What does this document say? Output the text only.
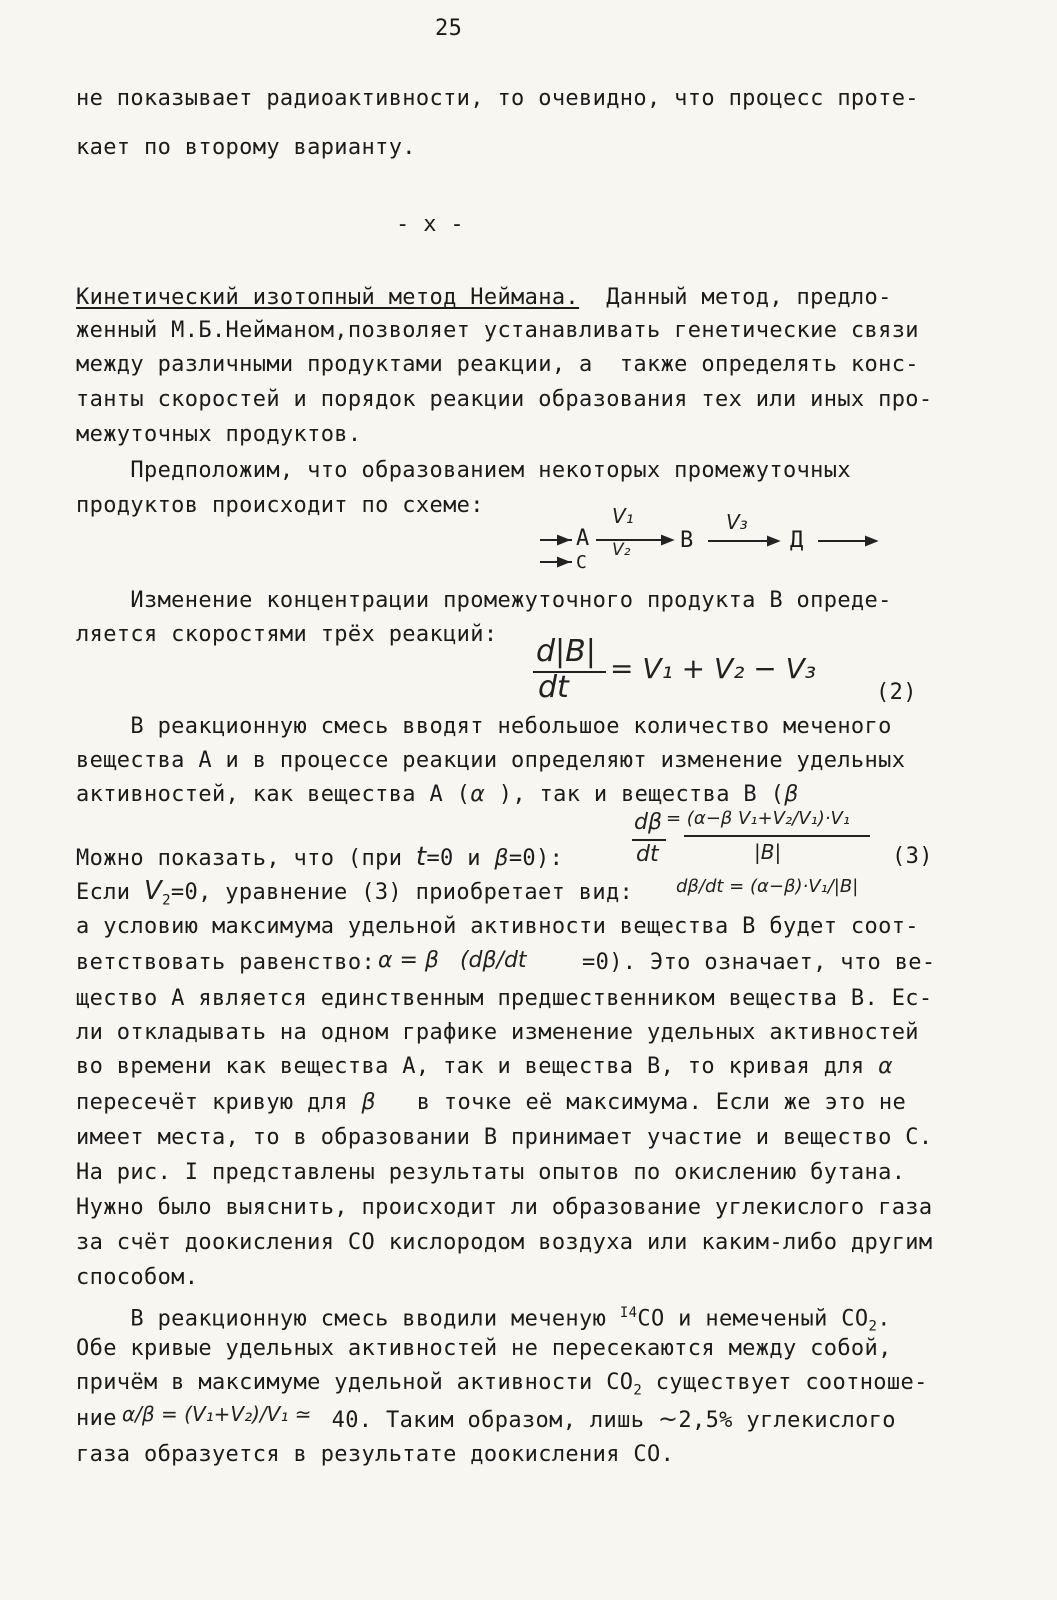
25
не показывает радиоактивности, то очевидно, что процесс проте-
кает по второму варианту.
- x -
Кинетический изотопный метод Неймана.  Данный метод, предло-
женный М.Б.Нейманом,позволяет устанавливать генетические связи
между различными продуктами реакции, а  также определять конс-
танты скоростей и порядок реакции образования тех или иных про-
межуточных продуктов.
Предположим, что образованием некоторых промежуточных
продуктов происходит по схеме:	V₁
А
С
V₂ В
V₃
Д
Изменение концентрации промежуточного продукта В опреде-
ляется скоростями трёх реакций: d|B|
dt
= V₁ + V₂ − V₃
(2)
В реакционную смесь вводят небольшое количество меченого
вещества А и в процессе реакции определяют изменение удельных
активностей, как вещества А (α ), так и вещества В (β
dβ
dt
= (α−β V₁+V₂/V₁)·V₁
|B|	(3)
Можно показать, что (при t=0 и β=0):
Если $V_2=0$, уравнение (3) приобретает вид: dβ/dt = (α−β)·V₁/|B|
а условию максимума удельной активности вещества В будет соот-
ветствовать равенство: α = β   (dβ/dt	=0). Это означает, что ве-
щество А является единственным предшественником вещества В. Ес-
ли откладывать на одном графике изменение удельных активностей
во времени как вещества А, так и вещества В, то кривая для α
пересечёт кривую для β   в точке её максимума. Если же это не
имеет места, то в образовании В принимает участие и вещество С.
На рис. I представлены результаты опытов по окислению бутана.
Нужно было выяснить, происходит ли образование углекислого газа
за счёт доокисления СО кислородом воздуха или каким-либо другим
способом.
В реакционную смесь вводили меченую $^{I4}$СО и немеченый $СО_2$.
Обе кривые удельных активностей не пересекаются между собой,
причём в максимуме удельной активности $СО_2$ существует соотноше-
ние α/β = (V₁+V₂)/V₁ ≃ 40. Таким образом, лишь ~2,5% углекислого
газа образуется в результате доокисления СО.
